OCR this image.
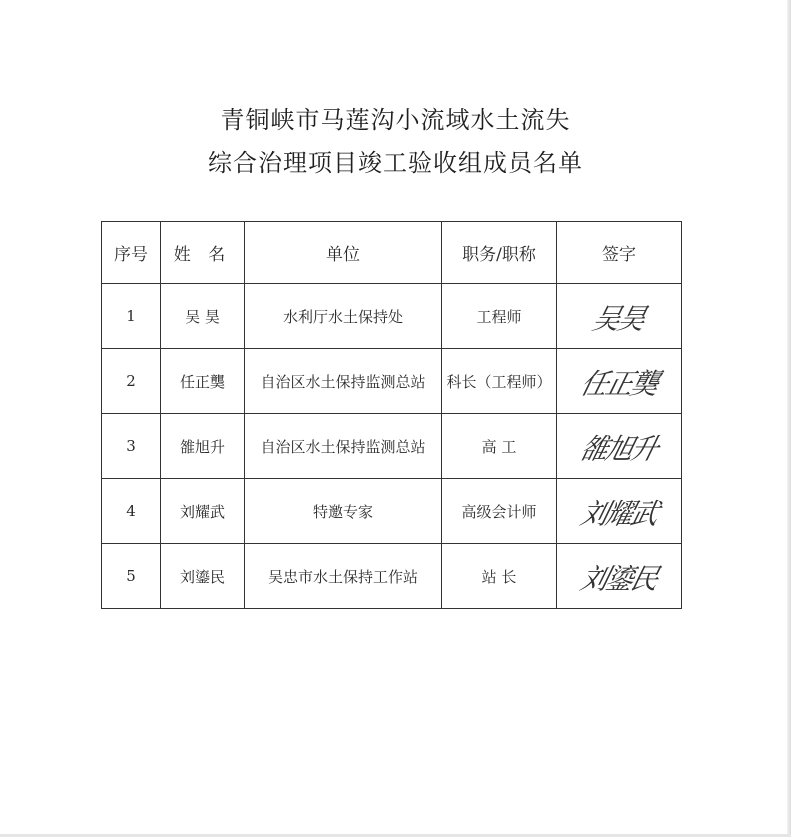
青铜峡市马莲沟小流域水土流失
综合治理项目竣工验收组成员名单
序号	姓 名	单位	职务/职称	签字
1	吴 昊	水利厅水土保持处	工程师	吴昊
2	任正龑	自治区水土保持监测总站	科长（工程师）	任正龑
3	雒旭升	自治区水土保持监测总站	高 工	雒旭升
4	刘耀武	特邀专家	高级会计师	刘耀武
5	刘鎏民	吴忠市水土保持工作站	站 长	刘鎏民
